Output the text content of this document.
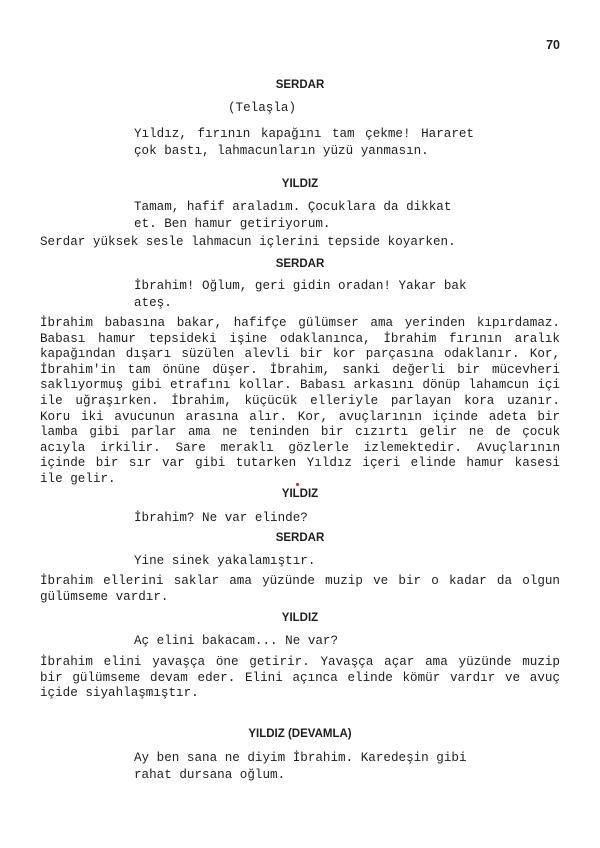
70
SERDAR
(Telaşla)
Yıldız, fırının kapağını tam çekme! Hararet çok bastı, lahmacunların yüzü yanmasın.
YILDIZ
Tamam, hafif araladım. Çocuklara da dikkat et. Ben hamur getiriyorum.
Serdar yüksek sesle lahmacun içlerini tepside koyarken.
SERDAR
İbrahim! Oğlum, geri gidin oradan! Yakar bak ateş.
İbrahim babasına bakar, hafifçe gülümser ama yerinden kıpırdamaz. Babası hamur tepsideki işine odaklanınca, İbrahim fırının aralık kapağından dışarı süzülen alevli bir kor parçasına odaklanır. Kor, İbrahim'in tam önüne düşer. İbrahim, sanki değerli bir mücevheri saklıyormuş gibi etrafını kollar. Babası arkasını dönüp lahamcun içi ile uğraşırken. İbrahim, küçücük elleriyle parlayan kora uzanır. Koru iki avucunun arasına alır. Kor, avuçlarının içinde adeta bir lamba gibi parlar ama ne teninden bir cızırtı gelir ne de çocuk acıyla irkilir. Sare meraklı gözlerle izlemektedir. Avuçlarının içinde bir sır var gibi tutarken Yıldız içeri elinde hamur kasesi ile gelir.
YILDIZ
İbrahim? Ne var elinde?
SERDAR
Yine sinek yakalamıştır.
İbrahim ellerini saklar ama yüzünde muzip ve bir o kadar da olgun gülümseme vardır.
YILDIZ
Aç elini bakacam... Ne var?
İbrahim elini yavaşça öne getirir. Yavaşça açar ama yüzünde muzip bir gülümseme devam eder. Elini açınca elinde kömür vardır ve avuç içide siyahlaşmıştır.
YILDIZ (DEVAMLA)
Ay ben sana ne diyim İbrahim. Karedeşin gibi rahat dursana oğlum.
